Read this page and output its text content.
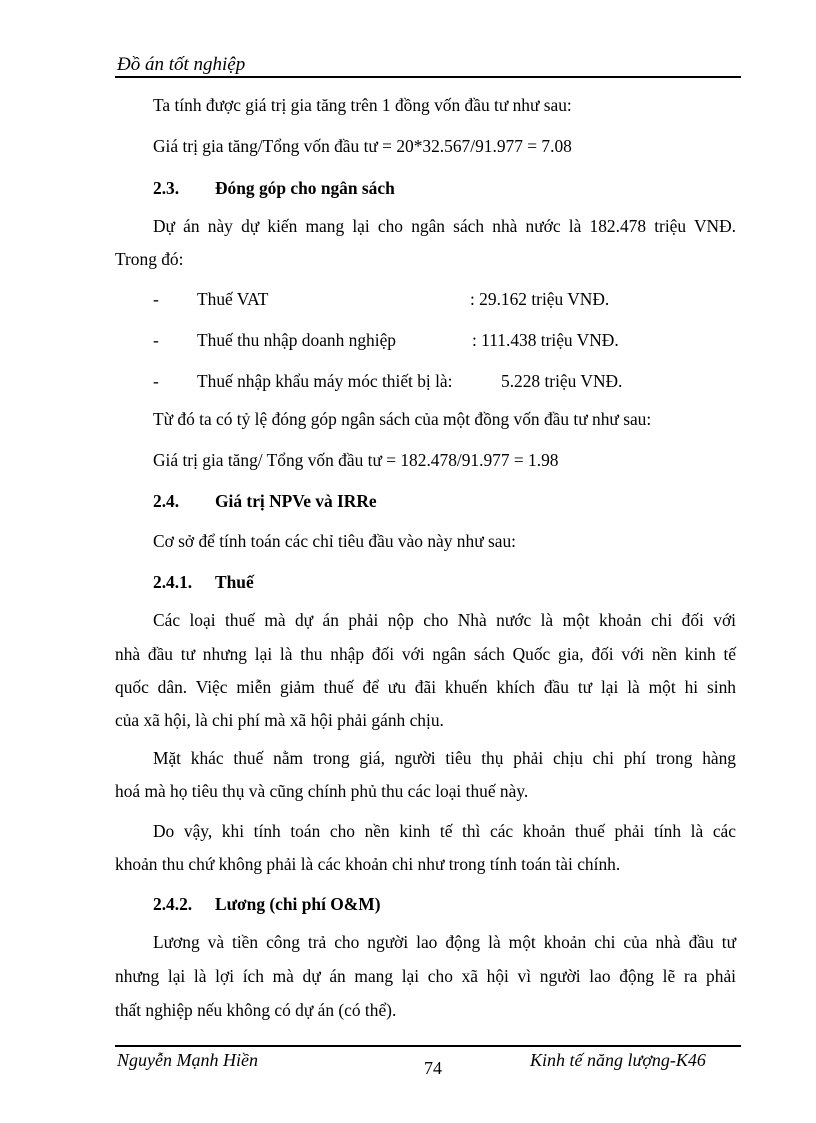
Đồ án tốt nghiệp
Ta tính được giá trị gia tăng trên 1 đồng vốn đầu tư như sau:
Giá trị gia tăng/Tổng vốn đầu tư = 20*32.567/91.977 = 7.08
2.3. Đóng góp cho ngân sách
Dự án này dự kiến mang lại cho ngân sách nhà nước là 182.478 triệu VNĐ.
Trong đó:
- Thuế VAT	: 29.162 triệu VNĐ.
- Thuế thu nhập doanh nghiệp	: 111.438 triệu VNĐ.
- Thuế nhập khẩu máy móc thiết bị là:	5.228 triệu VNĐ.
Từ đó ta có tỷ lệ đóng góp ngân sách của một đồng vốn đầu tư như sau:
Giá trị gia tăng/ Tổng vốn đầu tư = 182.478/91.977 = 1.98
2.4. Giá trị NPVe và IRRe
Cơ sở để tính toán các chỉ tiêu đầu vào này như sau:
2.4.1. Thuế
Các loại thuế mà dự án phải nộp cho Nhà nước là một khoản chi đối với
nhà đầu tư nhưng lại là thu nhập đối với ngân sách Quốc gia, đối với nền kinh tế
quốc dân. Việc miễn giảm thuế để ưu đãi khuến khích đầu tư lại là một hi sinh
của xã hội, là chi phí mà xã hội phải gánh chịu.
Mặt khác thuế nằm trong giá, người tiêu thụ phải chịu chi phí trong hàng
hoá mà họ tiêu thụ và cũng chính phủ thu các loại thuế này.
Do vậy, khi tính toán cho nền kinh tế thì các khoản thuế phải tính là các
khoản thu chứ không phải là các khoản chi như trong tính toán tài chính.
2.4.2. Lương (chi phí O&M)
Lương và tiền công trả cho người lao động là một khoản chi của nhà đầu tư
nhưng lại là lợi ích mà dự án mang lại cho xã hội vì người lao động lẽ ra phải
thất nghiệp nếu không có dự án (có thể).
Nguyễn Mạnh Hiền	74	Kinh tế năng lượng-K46
